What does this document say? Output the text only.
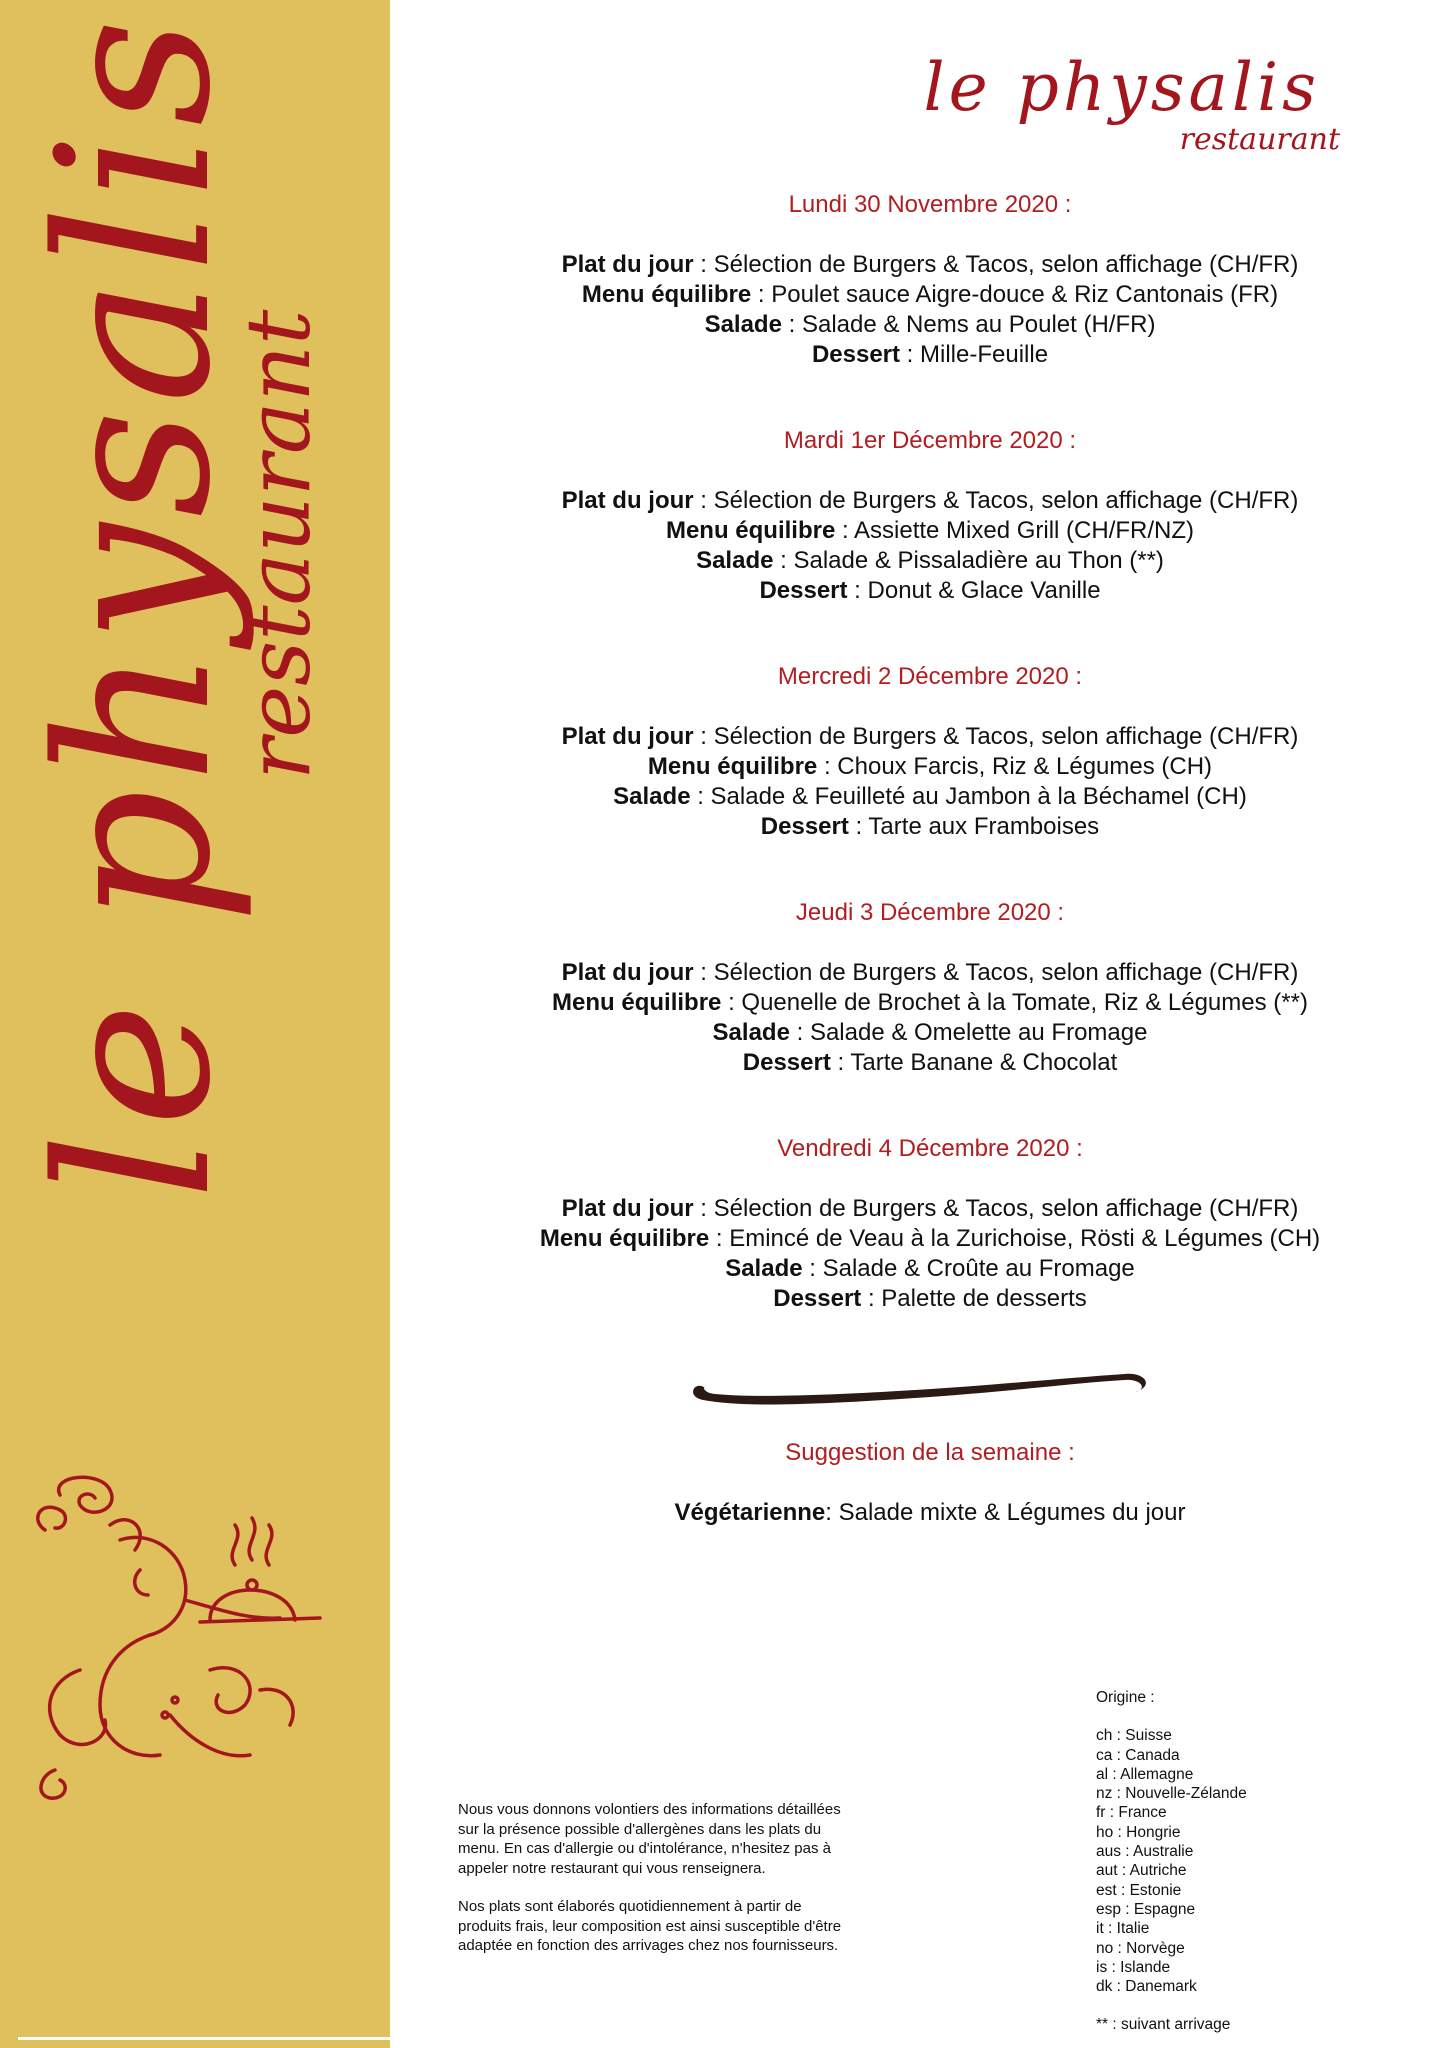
le physalis
restaurant
le physalis
restaurant
Lundi 30 Novembre 2020 :
Plat du jour : Sélection de Burgers & Tacos, selon affichage (CH/FR)
Menu équilibre : Poulet sauce Aigre-douce & Riz Cantonais (FR)
Salade : Salade & Nems au Poulet (H/FR)
Dessert : Mille-Feuille
Mardi 1er Décembre 2020 :
Plat du jour : Sélection de Burgers & Tacos, selon affichage (CH/FR)
Menu équilibre : Assiette Mixed Grill (CH/FR/NZ)
Salade : Salade & Pissaladière au Thon (**)
Dessert : Donut & Glace Vanille
Mercredi 2 Décembre 2020 :
Plat du jour : Sélection de Burgers & Tacos, selon affichage (CH/FR)
Menu équilibre : Choux Farcis, Riz & Légumes (CH)
Salade : Salade & Feuilleté au Jambon à la Béchamel (CH)
Dessert : Tarte aux Framboises
Jeudi 3 Décembre 2020 :
Plat du jour : Sélection de Burgers & Tacos, selon affichage (CH/FR)
Menu équilibre : Quenelle de Brochet à la Tomate, Riz & Légumes (**)
Salade : Salade & Omelette au Fromage
Dessert : Tarte Banane & Chocolat
Vendredi 4 Décembre 2020 :
Plat du jour : Sélection de Burgers & Tacos, selon affichage (CH/FR)
Menu équilibre : Emincé de Veau à la Zurichoise, Rösti & Légumes (CH)
Salade : Salade & Croûte au Fromage
Dessert : Palette de desserts
Suggestion de la semaine :
Végétarienne: Salade mixte & Légumes du jour

Nous vous donnons volontiers des informations détaillées
sur la présence possible d'allergènes dans les plats du
menu. En cas d'allergie ou d'intolérance, n'hesitez pas à
appeler notre restaurant qui vous renseignera.

Nos plats sont élaborés quotidiennement à partir de
produits frais, leur composition est ainsi susceptible d'être
adaptée en fonction des arrivages chez nos fournisseurs.

Origine :
ch : Suisse
ca : Canada
al : Allemagne
nz : Nouvelle-Zélande
fr : France
ho : Hongrie
aus : Australie
aut : Autriche
est : Estonie
esp : Espagne
it : Italie
no : Norvège
is : Islande
dk : Danemark
** : suivant arrivage
